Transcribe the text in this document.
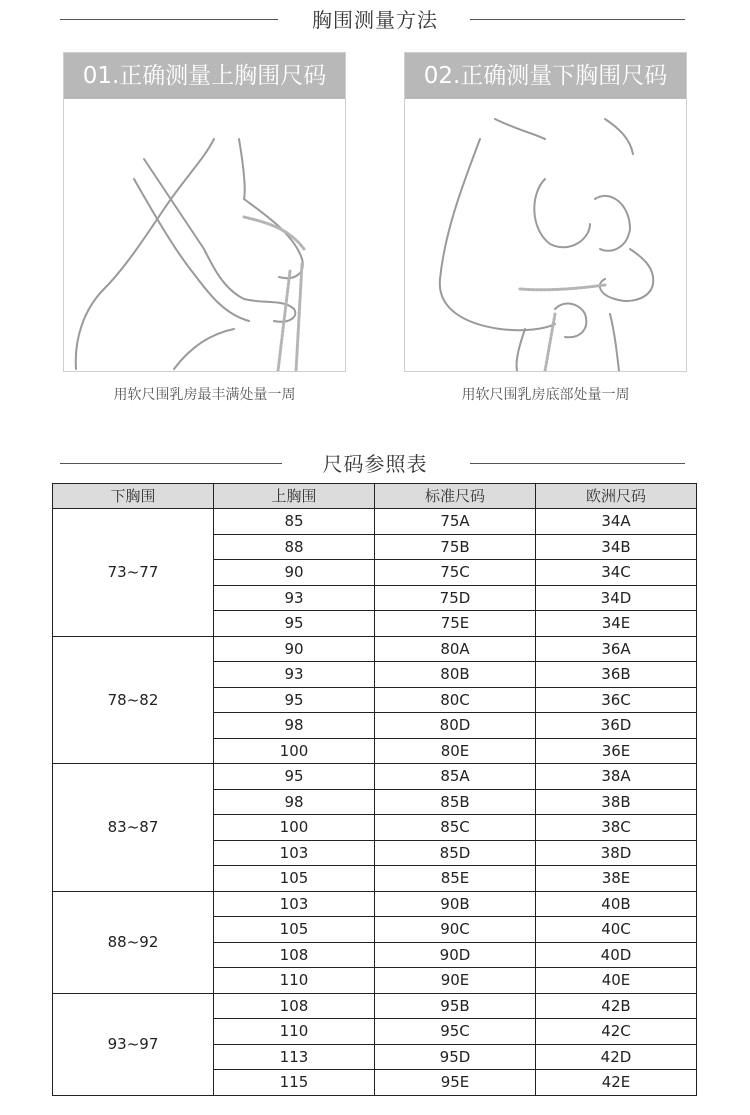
胸围测量方法
01.正确测量上胸围尺码
用软尺围乳房最丰满处量一周
02.正确测量下胸围尺码
用软尺围乳房底部处量一周
尺码参照表
下胸围	上胸围	标准尺码	欧洲尺码
73~77	85	75A	34A
	88	75B	34B
	90	75C	34C
	93	75D	34D
	95	75E	34E
78~82	90	80A	36A
	93	80B	36B
	95	80C	36C
	98	80D	36D
	100	80E	36E
83~87	95	85A	38A
	98	85B	38B
	100	85C	38C
	103	85D	38D
	105	85E	38E
88~92	103	90B	40B
	105	90C	40C
	108	90D	40D
	110	90E	40E
93~97	108	95B	42B
	110	95C	42C
	113	95D	42D
	115	95E	42E
